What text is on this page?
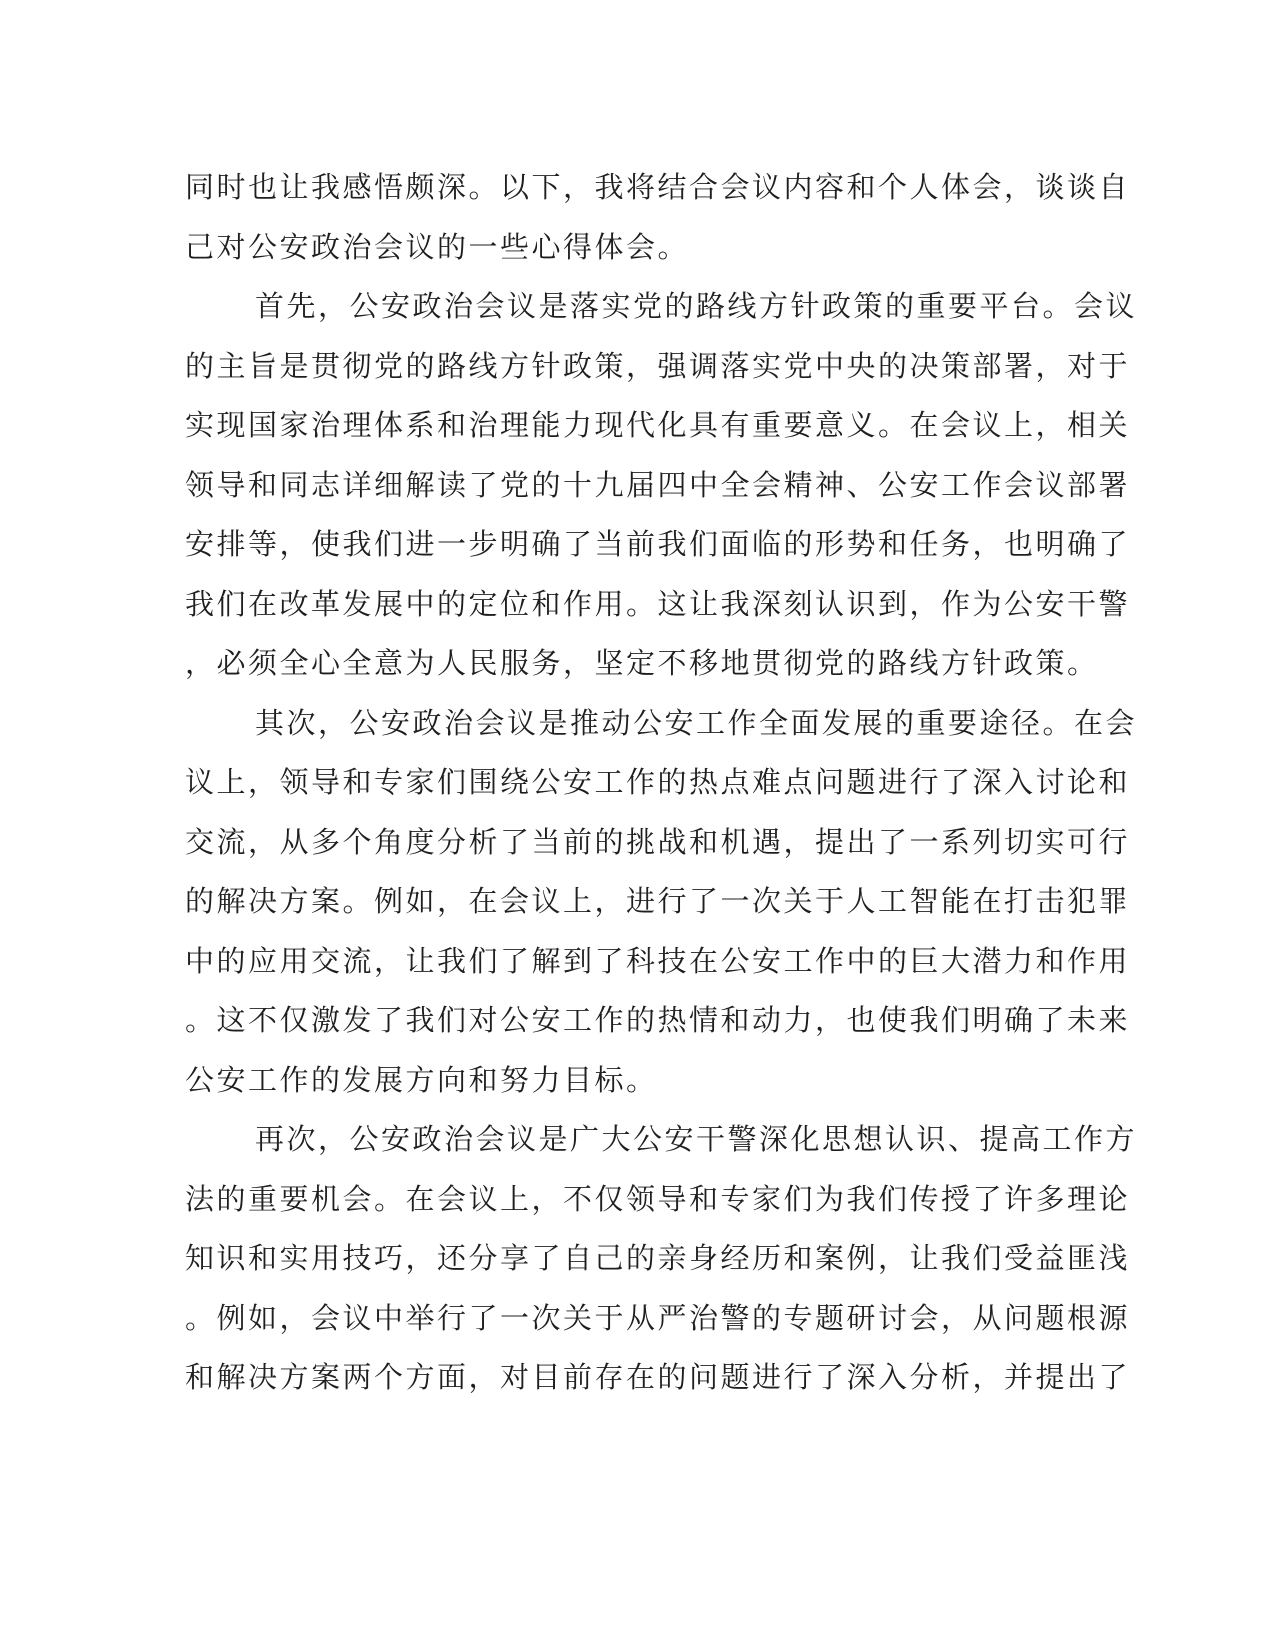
同时也让我感悟颇深。以下，我将结合会议内容和个人体会，谈谈自
己对公安政治会议的一些心得体会。
首先，公安政治会议是落实党的路线方针政策的重要平台。会议
的主旨是贯彻党的路线方针政策，强调落实党中央的决策部署，对于
实现国家治理体系和治理能力现代化具有重要意义。在会议上，相关
领导和同志详细解读了党的十九届四中全会精神、公安工作会议部署
安排等，使我们进一步明确了当前我们面临的形势和任务，也明确了
我们在改革发展中的定位和作用。这让我深刻认识到，作为公安干警
，必须全心全意为人民服务，坚定不移地贯彻党的路线方针政策。
其次，公安政治会议是推动公安工作全面发展的重要途径。在会
议上，领导和专家们围绕公安工作的热点难点问题进行了深入讨论和
交流，从多个角度分析了当前的挑战和机遇，提出了一系列切实可行
的解决方案。例如，在会议上，进行了一次关于人工智能在打击犯罪
中的应用交流，让我们了解到了科技在公安工作中的巨大潜力和作用
。这不仅激发了我们对公安工作的热情和动力，也使我们明确了未来
公安工作的发展方向和努力目标。
再次，公安政治会议是广大公安干警深化思想认识、提高工作方
法的重要机会。在会议上，不仅领导和专家们为我们传授了许多理论
知识和实用技巧，还分享了自己的亲身经历和案例，让我们受益匪浅
。例如，会议中举行了一次关于从严治警的专题研讨会，从问题根源
和解决方案两个方面，对目前存在的问题进行了深入分析，并提出了
